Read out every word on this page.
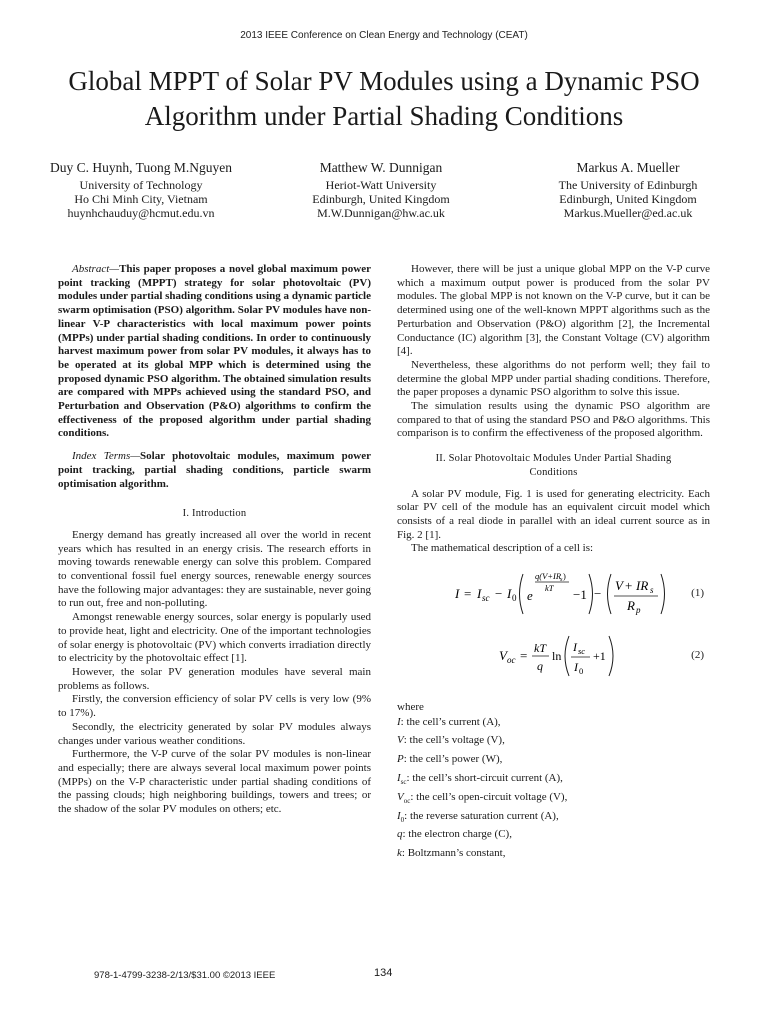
2013 IEEE Conference on Clean Energy and Technology (CEAT)
Global MPPT of Solar PV Modules using a Dynamic PSO Algorithm under Partial Shading Conditions
Duy C. Huynh, Tuong M.Nguyen
University of Technology
Ho Chi Minh City, Vietnam
huynhchauduy@hcmut.edu.vn
Matthew W. Dunnigan
Heriot-Watt University
Edinburgh, United Kingdom
M.W.Dunnigan@hw.ac.uk
Markus A. Mueller
The University of Edinburgh
Edinburgh, United Kingdom
Markus.Mueller@ed.ac.uk

Abstract—This paper proposes a novel global maximum power point tracking (MPPT) strategy for solar photovoltaic (PV) modules under partial shading conditions using a dynamic particle swarm optimisation (PSO) algorithm. Solar PV modules have non-linear V-P characteristics with local maximum power points (MPPs) under partial shading conditions. In order to continuously harvest maximum power from solar PV modules, it always has to be operated at its global MPP which is determined using the proposed dynamic PSO algorithm. The obtained simulation results are compared with MPPs achieved using the standard PSO, and Perturbation and Observation (P&O) algorithms to confirm the effectiveness of the proposed algorithm under partial shading conditions.

Index Terms—Solar photovoltaic modules, maximum power point tracking, partial shading conditions, particle swarm optimisation algorithm.

I. Introduction

Energy demand has greatly increased all over the world in recent years which has resulted in an energy crisis. The research efforts in moving towards renewable energy can solve this problem. Compared to conventional fossil fuel energy sources, renewable energy sources have the following major advantages: they are sustainable, never going to run out, free and non-polluting.

Amongst renewable energy sources, solar energy is popularly used to provide heat, light and electricity. One of the important technologies of solar energy is photovoltaic (PV) which converts irradiation directly to electricity by the photovoltaic effect [1].

However, the solar PV generation modules have several main problems as follows.

Firstly, the conversion efficiency of solar PV cells is very low (9% to 17%).

Secondly, the electricity generated by solar PV modules always changes under various weather conditions.

Furthermore, the V-P curve of the solar PV modules is non-linear and especially; there are always several local maximum power points (MPPs) on the V-P characteristic under partial shading conditions of the passing clouds; high neighboring buildings, towers and trees; or the shadow of the solar PV modules on others; etc.

However, there will be just a unique global MPP on the V-P curve which a maximum output power is produced from the solar PV modules. The global MPP is not known on the V-P curve, but it can be determined using one of the well-known MPPT algorithms such as the Perturbation and Observation (P&O) algorithm [2], the Incremental Conductance (IC) algorithm [3], the Constant Voltage (CV) algorithm [4].

Nevertheless, these algorithms do not perform well; they fail to determine the global MPP under partial shading conditions. Therefore, the paper proposes a dynamic PSO algorithm to solve this issue.

The simulation results using the dynamic PSO algorithm are compared to that of using the standard PSO and P&O algorithms. This comparison is to confirm the effectiveness of the proposed algorithm.

II. Solar Photovoltaic Modules Under Partial Shading Conditions

A solar PV module, Fig. 1 is used for generating electricity. Each solar PV cell of the module has an equivalent circuit model which consists of a real diode in parallel with an ideal current source as in Fig. 2 [1].

The mathematical description of a cell is:

I = I sc − I 0 e
q(V+IR
s )
kT −1 −
V + IR s
R p
(1)
V oc = kT
q
ln
I sc
I 0
+1	(2)

where

I: the cell’s current (A),

V: the cell’s voltage (V),

P: the cell’s power (W),

$I_{sc}$: the cell’s short-circuit current (A),

$V_{oc}$: the cell’s open-circuit voltage (V),

$I_0$: the reverse saturation current (A),

q: the electron charge (C),

k: Boltzmann’s constant,

978-1-4799-3238-2/13/$31.00 ©2013 IEEE	134
